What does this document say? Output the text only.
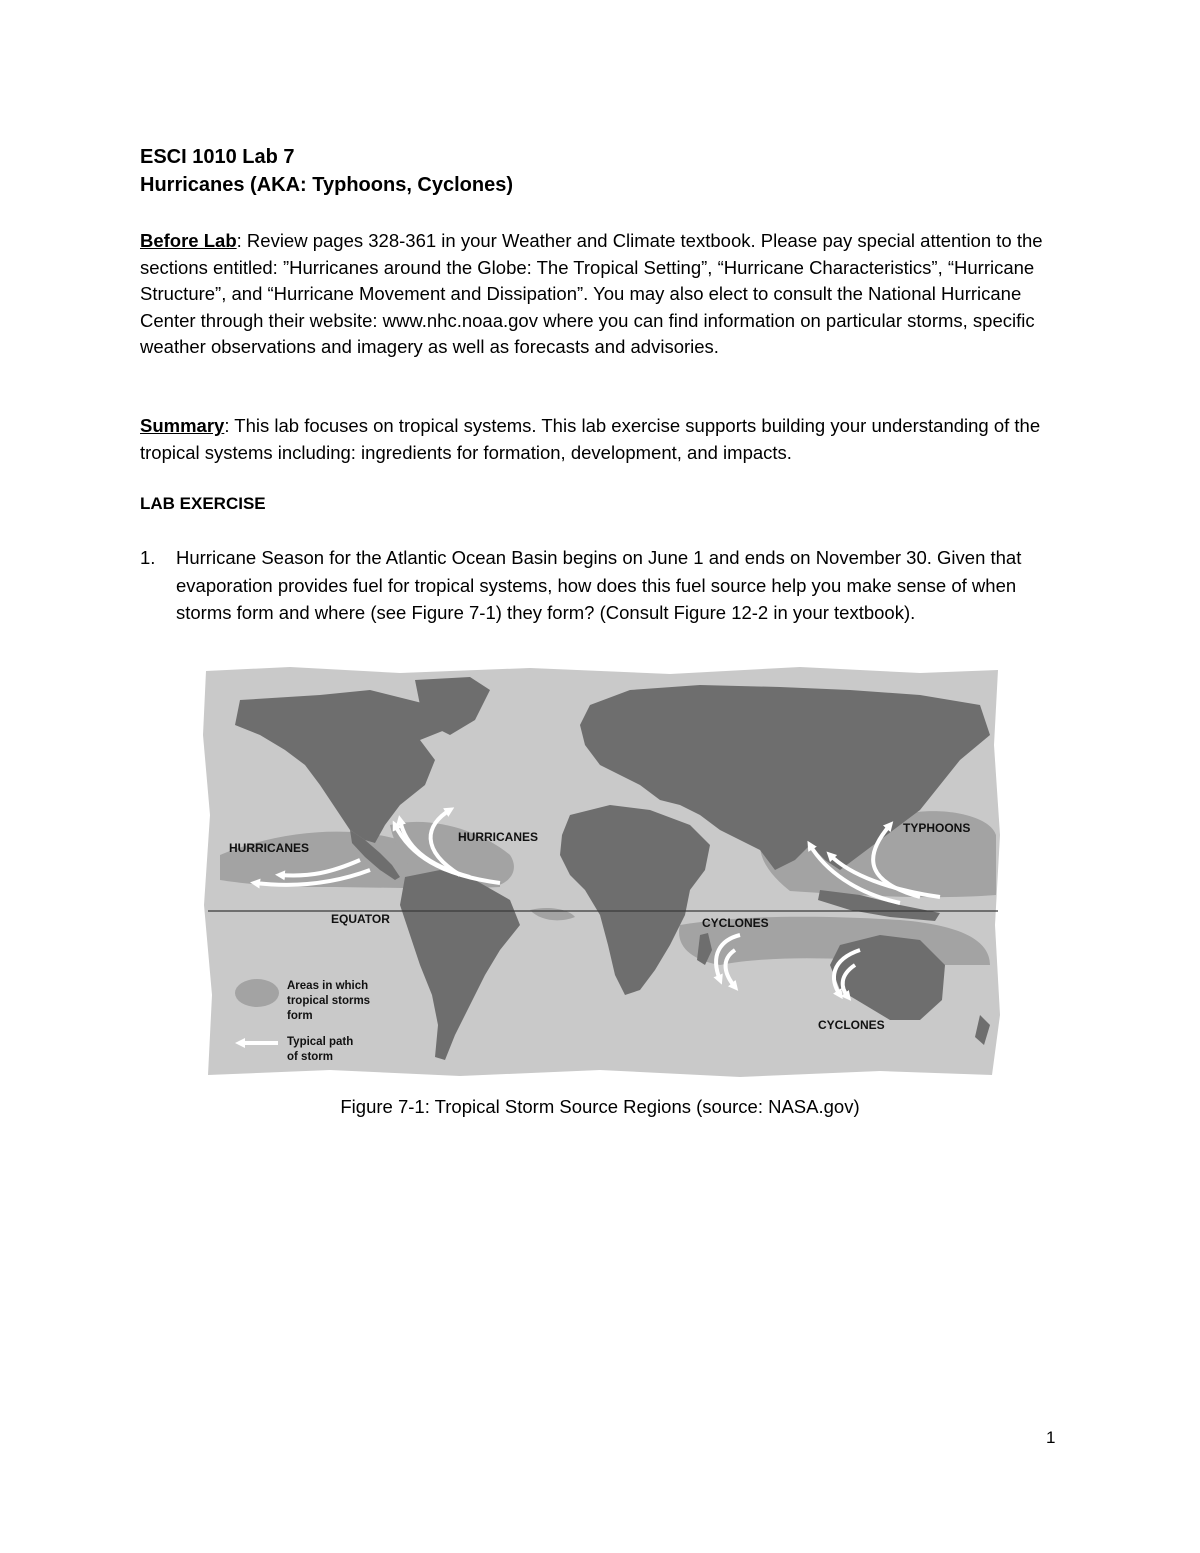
ESCI 1010 Lab 7
Hurricanes (AKA: Typhoons, Cyclones)
Before Lab: Review pages 328-361 in your Weather and Climate textbook. Please pay special attention to the sections entitled: ”Hurricanes around the Globe: The Tropical Setting”, “Hurricane Characteristics”, “Hurricane Structure”, and “Hurricane Movement and Dissipation”. You may also elect to consult the National Hurricane Center through their website: www.nhc.noaa.gov where you can find information on particular storms, specific weather observations and imagery as well as forecasts and advisories.
Summary: This lab focuses on tropical systems. This lab exercise supports building your understanding of the tropical systems including: ingredients for formation, development, and impacts.
LAB EXERCISE
1. Hurricane Season for the Atlantic Ocean Basin begins on June 1 and ends on November 30. Given that evaporation provides fuel for tropical systems, how does this fuel source help you make sense of when storms form and where (see Figure 7-1) they form? (Consult Figure 12-2 in your textbook).
HURRICANES
HURRICANES
TYPHOONS
EQUATOR	CYCLONES
CYCLONES
Areas in which
tropical storms
form
Typical path
of storm
Figure 7-1: Tropical Storm Source Regions (source: NASA.gov)
1
